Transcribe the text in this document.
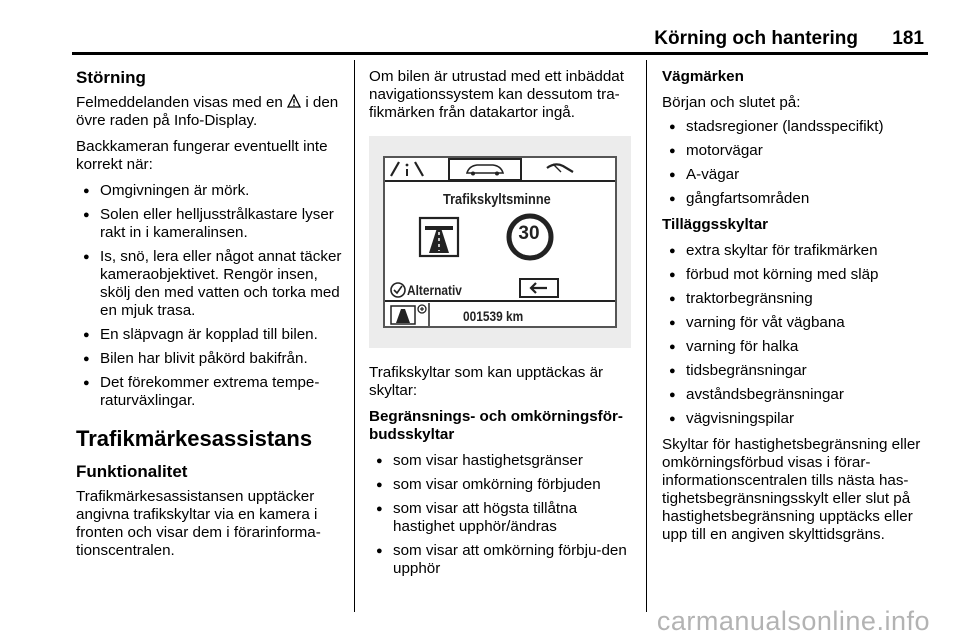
Körning och hantering 181
Störning

Felmeddelanden visas med en i den övre raden på Info-Display.

Backkameran fungerar eventuellt inte korrekt när:

● Omgivningen är mörk.
● Solen eller helljusstrålkastare lyser rakt in i kameralinsen.
● Is, snö, lera eller något annat täcker kameraobjektivet. Rengör insen, skölj den med vatten och torka med en mjuk trasa.
● En släpvagn är kopplad till bilen.
● Bilen har blivit påkörd bakifrån.
● Det förekommer extrema tempe-raturväxlingar.
Trafikmärkesassistans
Funktionalitet

Trafikmärkesassistansen upptäcker angivna trafikskyltar via en kamera i fronten och visar dem i förarinforma-tionscentralen.

Om bilen är utrustad med ett inbäddat navigationssystem kan dessutom tra-fikmärken från datakartor ingå.

Trafikskyltsminne
30
Alternativ
001539 km

Trafikskyltar som kan upptäckas är skyltar:

Begränsnings- och omkörningsför-budsskyltar

● som visar hastighetsgränser
● som visar omkörning förbjuden
● som visar att högsta tillåtna hastighet upphör/ändras
● som visar att omkörning förbju-den upphör

Vägmärken

Början och slutet på:

● stadsregioner (landsspecifikt)
● motorvägar
● A-vägar
● gångfartsområden

Tilläggsskyltar

● extra skyltar för trafikmärken
● förbud mot körning med släp
● traktorbegränsning
● varning för våt vägbana
● varning för halka
● tidsbegränsningar
● avståndsbegränsningar
● vägvisningspilar

Skyltar för hastighetsbegränsning eller omkörningsförbud visas i förar-informationscentralen tills nästa has-tighetsbegränsningsskylt eller slut på hastighetsbegränsning upptäcks eller upp till en angiven skylttidsgräns.

carmanualsonline.info
